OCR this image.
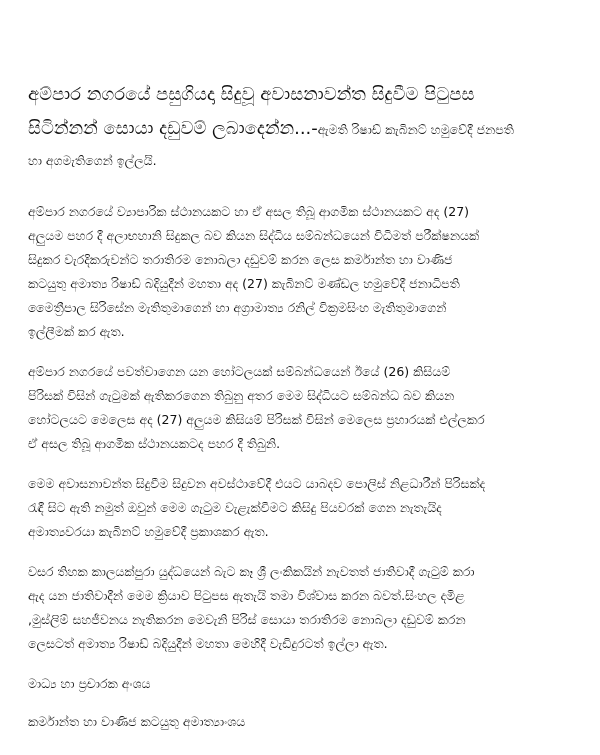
අම්පාර නගරයේ පසුගියදා සිදුවූ අවාසනාවන්ත සිදුවීම පිටුපස
සිටින්නන් සොයා දඩුවම් ලබාදෙන්න...-ඇමති රිෂාඩ් කැබිනට් හමුවේදී ජනපති
හා අගමැතිගෙන් ඉල්ලයි.

අම්පාර නගරයේ ව්‍යාපාරික ස්ථානයකට හා ඒ අසල තිබූ ආගමික ස්ථානයකට අද (27)
අලුයම පහර දී අලාභහානි සිදුකල බව කියන සිද්ධිය සම්බන්ධයෙන් විධිමත් පරීක්ෂනයක්
සිදුකර වැරදිකරුවන්ට තරාතිරම නොබලා දඩුවම් කරන ලෙස කර්මාන්ත හා වාණිජ
කටයුතු අමාත්‍ය රිෂාඩ් බදියුදීන් මහතා අද (27) කැබිනට් මණ්ඩල හමුවේදී ජනාධිපති
මෛත්‍රීපාල සිරිසේන මැතිතුමාගෙන් හා අග්‍රාමාත්‍ය රනිල් වික්‍රමසිංහ මැතිතුමාගෙන්
ඉල්ලීමක් කර ඇත.

අම්පාර නගරයේ පවත්වාගෙන යන හෝටලයක් සම්බන්ධයෙන් ඊයේ (26) කිසියම්
පිරිසක් විසින් ගැටුමක් ඇතිකරගෙන තිබුනු අතර මෙම සිද්ධියට සම්බන්ධ බව කියන
හෝටලයට මෙලෙස අද (27) අලුයම කිසියම් පිරිසක් විසින් මෙලෙස ප්‍රහාරයක් එල්ලකර
ඒ අසල තිබූ ආගමික ස්ථානයකටද පහර දී තිබුනි.

මෙම අවාසනාවන්ත සිදුවීම සිදුවන අවස්ථාවේදී එයට යාබදව පොලිස් නිළධාරීන් පිරිසක්ද
රැඳී සිට ඇති නමුත් ඔවුන් මෙම ගැටුම වැළැක්වීමට කිසිදු පියවරක් ගෙන නැතැයිද
අමාත්‍යවරයා කැබිනට් හමුවේදී ප්‍රකාශකර ඇත.

වසර තිහක කාලයක්පුරා යුද්ධයෙන් බැට කෑ ශ්‍රී ලංකිකයින් නැවතත් ජාතිවාදී ගැටුම් කරා
ඇද යන ජාතිවාදීන් මෙම ක්‍රියාව පිටුපස ඇතැයි තමා විශ්වාස කරන බවත්.සිංහල දමිළ
,මුස්ලිම් සහජීවනය නැතිකරන මෙවැනි පිරිස් සොයා තරාතිරම නොබලා දඩුවම් කරන
ලෙසටත් අමාත්‍ය රිෂාඩ් බදියුදීන් මහතා මෙහිදී වැඩිදුරටත් ඉල්ලා ඇත.

මාධ්‍ය හා ප්‍රචාරක අංශය

කර්මාන්ත හා වාණිජ කටයුතු අමාත්‍යාංශය
